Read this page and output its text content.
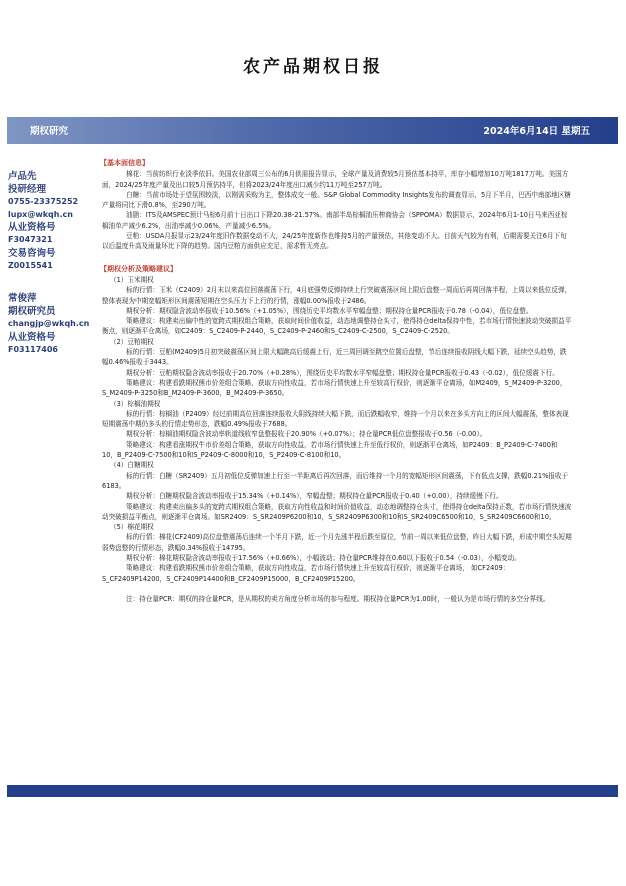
农产品期权日报
期权研究	2024年6月14日 星期五
卢品先
投研经理
0755-23375252
lupx@wkqh.cn
从业资格号
F3047321
交易咨询号
Z0015541
常俊萍
期权研究员
changjp@wkqh.cn
从业资格号
F03117406
【基本面信息】

棉花：当前纺织行业淡季依旧。美国农业部周三公布的6月供需报告显示，全球产量及消费较5月预估基本持平，库存小幅增加10万吨1817万吨。美国方面，2024/25年度产量及出口较5月预估持平，但将2023/24年度出口减少约11万吨至257万吨。

白糖：当前市场处于望氛围较淡，以刚需采购为主，整体成交一般。S&P Global Commodity Insights发布的调查显示，5月下半月，巴西中南部地区糖产量将同比下滑0.8%，至290万吨。

油脂：ITS及AMSPEC预计马棕6月前十日出口下降20.38-21.57%。南部半岛棕榈油压榨商协会（SPPOMA）数据显示，2024年6月1-10日马来西亚棕榈油单产减少6.2%，出油率减少0.06%，产量减少6.5%。

豆粕：USDA月报显示23/24年度旧作数据变动不大，24/25年度新作也维持5月的产量预估，其他变动不大。目前天气较为有利，后期需要关注6月下旬以后温度升高及雨量环比下降的趋势。国内豆粕方面供应充足，需求暂无亮点。

【期权分析及策略建议】

（1）玉米期权

标的行情：玉米（C2409）2月末以来高位回落震荡下行，4月底强势反弹持续上行突破震荡区间上限后盘整一周而后再周回落半程，上周以来低位反弹，整体表现为中期宽幅矩形区间震荡短期在空头压力下上行的行情，涨幅0.00%报收于2486。

期权分析：期权隐含波动率报收于10.56%（+1.05%），围绕历史平均数水平窄幅盘整；期权持仓量PCR报收于0.78（-0.04），低位盘整。

策略建议：构建卖出偏中性的宽跨式期权组合策略，获取时间价值收益，动态地调整持仓头寸，使得持仓delta保持中性，若市场行情快速波动突破损益平衡点，则逐渐平仓离场，如C2409：S_C2409-P-2440，S_C2409-P-2460和S_C2409-C-2500，S_C2409-C-2520。

（2）豆粕期权

标的行情：豆粕(M2409)5月初突破震荡区间上限大幅跳高后缓震上行，近三周回调至跳空位置后盘整，节后连续报收阴线大幅下跌，延续空头趋势，跌幅0.46%报收于3443。

期权分析：豆粕期权隐含波动率报收于20.70%（+0.28%），围绕历史平均数水平窄幅盘整；期权持仓量PCR报收于0.43（-0.02），低位缓震下行。

策略建议：构建看跌期权熊市价差组合策略，获取方向性收益，若市场行情快速上升至较高行权价，则逐渐平仓离场，如M2409，S_M2409-P-3200，S_M2409-P-3250和B_M2409-P-3600，B_M2409-P-3650。

（3）棕榈油期权

标的行情：棕榈油（P2409）经过前期高位回落连续报收大阴线持续大幅下跌，而后跌幅收窄，维持一个月以来在多头方向上的区间大幅震荡，整体表现短期震荡中期仍多头的行情走势形态，跌幅0.49%报收于7688。

期权分析：棕榈油期权隐含波动率轨道线收窄盘整报收于20.90%（+0.07%）；持仓量PCR低位盘整报收于0.56（-0.00）。

策略建议：构建看涨期权牛市价差组合策略，获取方向性收益，若市场行情快速上升至低行权价，则逐渐平仓离场，如P2409：B_P2409-C-7400和10，B_P2409-C-7500和10和S_P2409-C-8000和10，S_P2409-C-8100和10。

（4）白糖期权

标的行情：白糖（SR2409）五月初低位反弹加速上行至一半距离后再次回落，而后维持一个月的宽幅矩形区间震荡，下有低点支撑，跌幅0.21%报收于6183。

期权分析：白糖期权隐含波动率报收于15.34%（+0.14%），窄幅盘整；期权持仓量PCR报收于0.40（+0.00），持续缓慢下行。

策略建议：构建卖出偏多头的宽跨式期权组合策略，获取方向性收益和时间价值收益，动态地调整持仓头寸，使得持仓delta保持正数，若市场行情快速波动突破损益平衡点，则逐渐平仓离场。如SR2409：S_SR2409P6200和10，S_SR2409P6300和10和S_SR2409C6500和10，S_SR2409C6600和10。

（5）棉花期权

标的行情：棉花(CF2409)高位盘整震荡后连续一个半月下跌，近一个月先涨半程后跌至原位，节前一周以来低位盘整，昨日大幅下跌，形成中期空头短期弱势盘整的行情形态，跌幅0.34%报收于14795。

期权分析：棉花期权隐含波动率报收于17.56%（+0.66%），小幅波动；持仓量PCR维持在0.60以下报收于0.54（-0.03），小幅变动。

策略建议：构建看跌期权熊市价差组合策略，获取方向性收益，若市场行情快速上升至较高行权价，则逐渐平仓离场， 如CF2409：S_CF2409P14200，S_CF2409P14400和B_CF2409P15000，B_CF2409P15200。

注：持仓量PCR：期权的持仓量PCR，是从期权的卖方角度分析市场的参与程度。期权持仓量PCR为1.00时，一般认为是市场行情的多空分界线。
